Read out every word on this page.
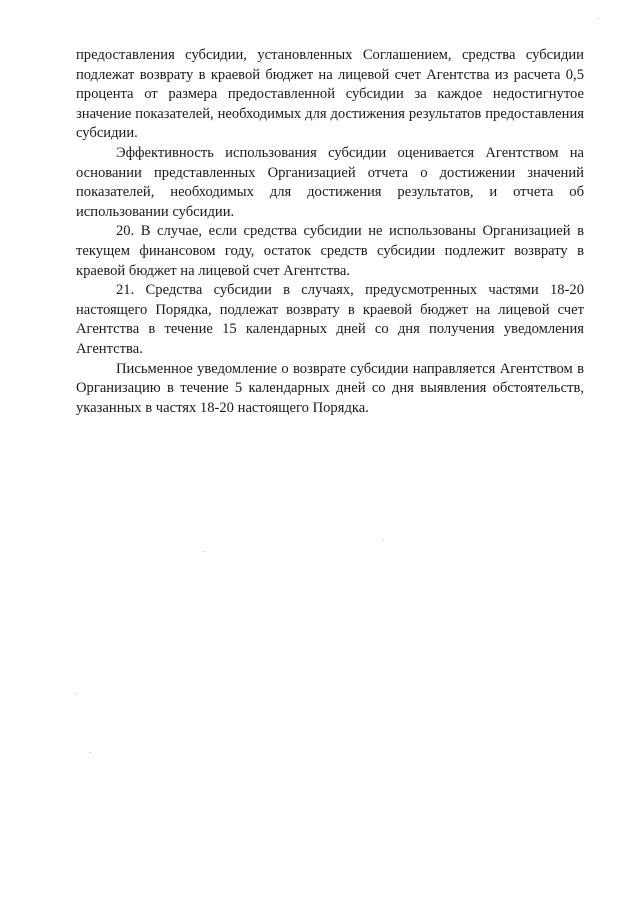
предоставления субсидии, установленных Соглашением, средства субсидии подлежат возврату в краевой бюджет на лицевой счет Агентства из расчета 0,5 процента от размера предоставленной субсидии за каждое недостигнутое значение показателей, необходимых для достижения результатов предоставления субсидии.

Эффективность использования субсидии оценивается Агентством на основании представленных Организацией отчета о достижении значений показателей, необходимых для достижения результатов, и отчета об использовании субсидии.

20. В случае, если средства субсидии не использованы Организацией в текущем финансовом году, остаток средств субсидии подлежит возврату в краевой бюджет на лицевой счет Агентства.

21. Средства субсидии в случаях, предусмотренных частями 18-20 настоящего Порядка, подлежат возврату в краевой бюджет на лицевой счет Агентства в течение 15 календарных дней со дня получения уведомления Агентства.

Письменное уведомление о возврате субсидии направляется Агентством в Организацию в течение 5 календарных дней со дня выявления обстоятельств, указанных в частях 18-20 настоящего Порядка.
